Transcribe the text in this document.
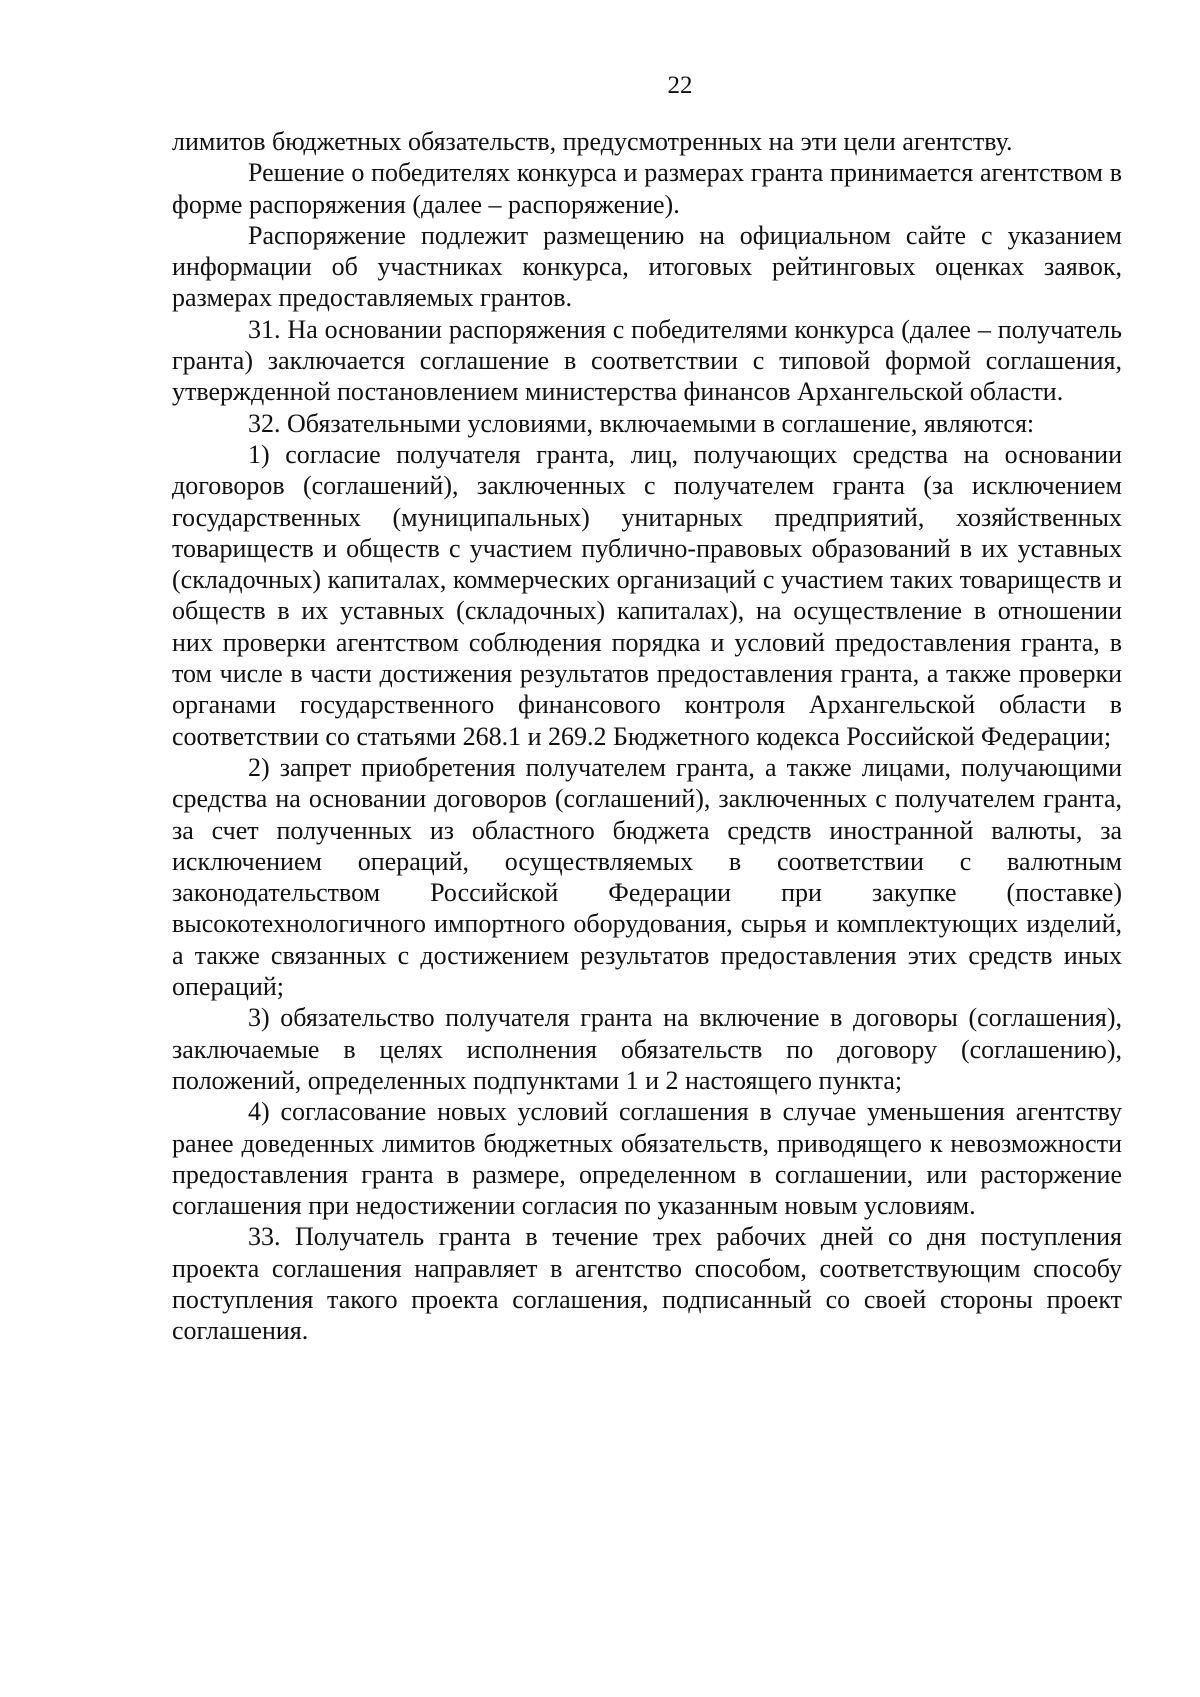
22

лимитов бюджетных обязательств, предусмотренных на эти цели агентству.

Решение о победителях конкурса и размерах гранта принимается агентством в форме распоряжения (далее – распоряжение).

Распоряжение подлежит размещению на официальном сайте с указанием информации об участниках конкурса, итоговых рейтинговых оценках заявок, размерах предоставляемых грантов.

31. На основании распоряжения с победителями конкурса (далее – получатель гранта) заключается соглашение в соответствии с типовой формой соглашения, утвержденной постановлением министерства финансов Архангельской области.

32. Обязательными условиями, включаемыми в соглашение, являются:

1) согласие получателя гранта, лиц, получающих средства на основании договоров (соглашений), заключенных с получателем гранта (за исключением государственных (муниципальных) унитарных предприятий, хозяйственных товариществ и обществ с участием публично-правовых образований в их уставных (складочных) капиталах, коммерческих организаций с участием таких товариществ и обществ в их уставных (складочных) капиталах), на осуществление в отношении них проверки агентством соблюдения порядка и условий предоставления гранта, в том числе в части достижения результатов предоставления гранта, а также проверки органами государственного финансового контроля Архангельской области в соответствии со статьями 268.1 и 269.2 Бюджетного кодекса Российской Федерации;

2) запрет приобретения получателем гранта, а также лицами, получающими средства на основании договоров (соглашений), заключенных с получателем гранта, за счет полученных из областного бюджета средств иностранной валюты, за исключением операций, осуществляемых в соответствии с валютным законодательством Российской Федерации при закупке (поставке) высокотехнологичного импортного оборудования, сырья и комплектующих изделий, а также связанных с достижением результатов предоставления этих средств иных операций;

3) обязательство получателя гранта на включение в договоры (соглашения), заключаемые в целях исполнения обязательств по договору (соглашению), положений, определенных подпунктами 1 и 2 настоящего пункта;

4) согласование новых условий соглашения в случае уменьшения агентству ранее доведенных лимитов бюджетных обязательств, приводящего к невозможности предоставления гранта в размере, определенном в соглашении, или расторжение соглашения при недостижении согласия по указанным новым условиям.

33. Получатель гранта в течение трех рабочих дней со дня поступления проекта соглашения направляет в агентство способом, соответствующим способу поступления такого проекта соглашения, подписанный со своей стороны проект соглашения.
